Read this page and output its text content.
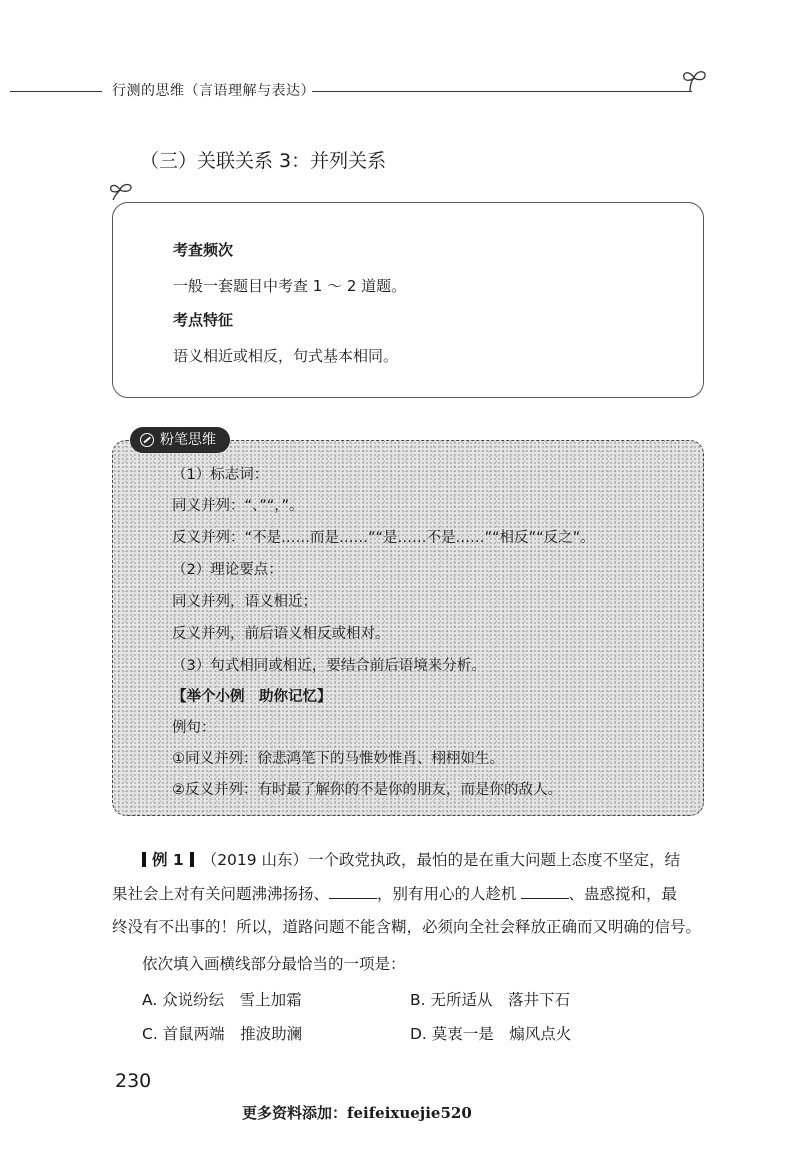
行测的思维（言语理解与表达）
（三）关联关系 3：并列关系
考查频次
一般一套题目中考查 1 ～ 2 道题。
考点特征
语义相近或相反，句式基本相同。
粉笔思维
（1）标志词：
同义并列：“、”“，”。
反义并列：“不是……而是……”“是……不是……”“相反”“反之”。
（2）理论要点：
同义并列，语义相近；
反义并列，前后语义相反或相对。
（3）句式相同或相近，要结合前后语境来分析。
【举个小例　助你记忆】
例句：
①同义并列：徐悲鸿笔下的马惟妙惟肖、栩栩如生。
②反义并列：有时最了解你的不是你的朋友，而是你的敌人。
例 1 （2019 山东）一个政党执政，最怕的是在重大问题上态度不坚定，结
果社会上对有关问题沸沸扬扬、	，别有用心的人趁机	、蛊惑搅和，最
终没有不出事的！所以，道路问题不能含糊，必须向全社会释放正确而又明确的信号。
依次填入画横线部分最恰当的一项是：
A. 众说纷纭　雪上加霜	B. 无所适从　落井下石
C. 首鼠两端　推波助澜	D. 莫衷一是　煽风点火
230
更多资料添加：feifeixuejie520
